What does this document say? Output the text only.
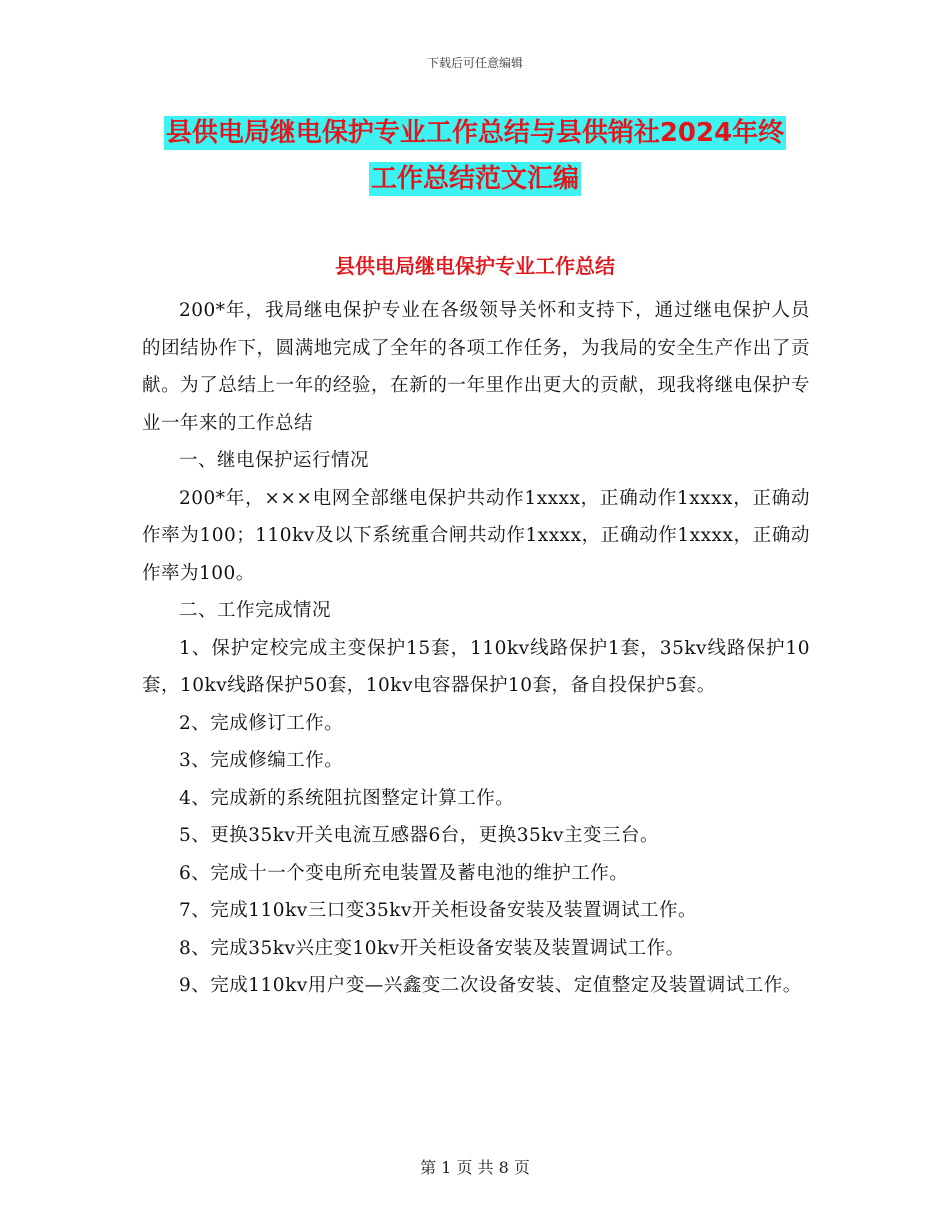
下载后可任意编辑
县供电局继电保护专业工作总结与县供销社2024年终
工作总结范文汇编
县供电局继电保护专业工作总结

200*年，我局继电保护专业在各级领导关怀和支持下，通过继电保护人员的团结协作下，圆满地完成了全年的各项工作任务，为我局的安全生产作出了贡献。为了总结上一年的经验，在新的一年里作出更大的贡献，现我将继电保护专业一年来的工作总结

一、继电保护运行情况

200*年，×××电网全部继电保护共动作1xxxx，正确动作1xxxx，正确动作率为100；110kv及以下系统重合闸共动作1xxxx，正确动作1xxxx，正确动作率为100。

二、工作完成情况

1、保护定校完成主变保护15套，110kv线路保护1套，35kv线路保护10套，10kv线路保护50套，10kv电容器保护10套，备自投保护5套。

2、完成修订工作。

3、完成修编工作。

4、完成新的系统阻抗图整定计算工作。

5、更换35kv开关电流互感器6台，更换35kv主变三台。

6、完成十一个变电所充电装置及蓄电池的维护工作。

7、完成110kv三口变35kv开关柜设备安装及装置调试工作。

8、完成35kv兴庄变10kv开关柜设备安装及装置调试工作。

9、完成110kv用户变—兴鑫变二次设备安装、定值整定及装置调试工作。

第 1 页 共 8 页
